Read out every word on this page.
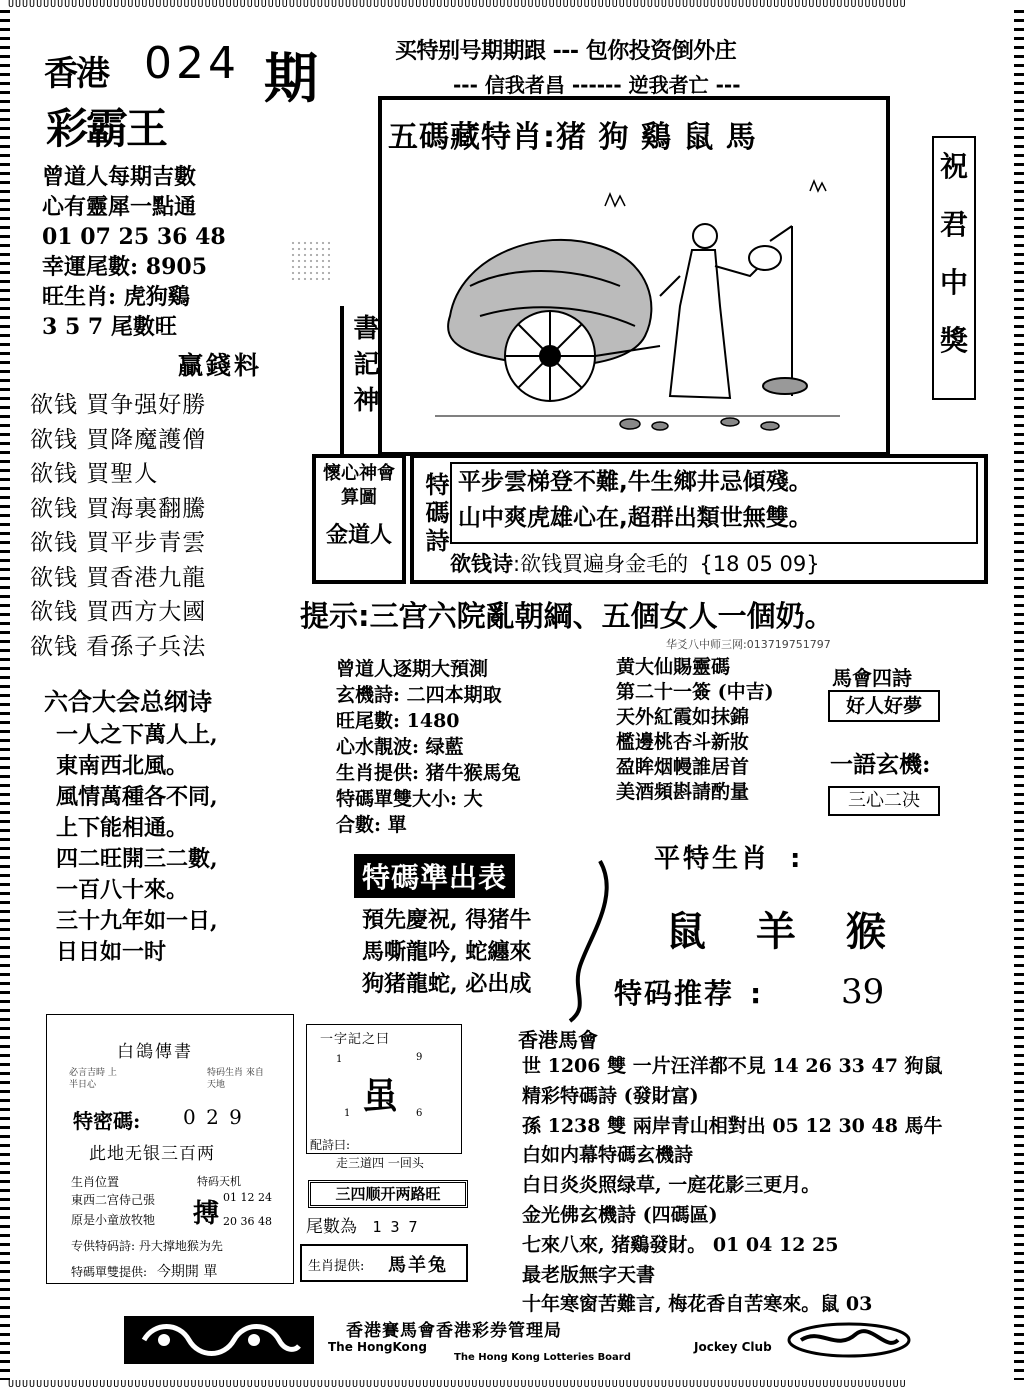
UUUUUUUUUUUUUUUUUUUUUUUUUUUUUUUUUUUUUUUUUUUUUUUUUUUUUUUUUUUUUUUUUUUUUUUUUUUUUUUUUUUUUUUUUUUUUUUUUUUUUUUUUUUUUUUUUUUUUUUUUUUUUUUU
UUUUUUUUUUUUUUUUUUUUUUUUUUUUUUUUUUUUUUUUUUUUUUUUUUUUUUUUUUUUUUUUUUUUUUUUUUUUUUUUUUUUUUUUUUUUUUUUUUUUUUUUUUUUUUUUUUUUUUUUUUUUUUUU
香港 024 期
彩霸王
买特别号期期跟 --- 包你投资倒外庄
--- 信我者昌 ------ 逆我者亡 ---
曾道人每期吉數
心有靈犀一點通
01 07 25 36 48
幸運尾數: 8905
旺生肖: 虎狗鷄
3 5 7 尾數旺
贏錢料
欲钱 買争强好勝
欲钱 買降魔護僧
欲钱 買聖人
欲钱 買海裏翻騰
欲钱 買平步青雲
欲钱 買香港九龍
欲钱 買西方大國
欲钱 看孫子兵法
六合大会总纲诗
一人之下萬人上,
東南西北風。
風情萬種各不同,
上下能相通。
四二旺開三二數,
一百八十來。
三十九年如一日,
日日如一时
五碼藏特肖:猪 狗 鷄 鼠 馬
書記神
祝
君
中
獎
懷心神會算圖
金道人	特碼詩 平步雲梯登不難,牛生鄉井忌傾殘。
山中爽虎雄心在,超群出類世無雙。
欲钱诗:欲钱買遍身金毛的 {18 05 09}
提示:三宫六院亂朝綱、五個女人一個奶。
曾道人逐期大預測
玄機詩: 二四本期取
旺尾數: 1480
心水靚波: 绿藍
生肖提供: 猪牛猴馬兔
特碼單雙大小: 大
合數: 單
华爻八中师三网:013719751797
黄大仙賜靈碼
第二十一簽 (中吉)
天外紅霞如抹錦
檻邊桃杏斗新妝
盈眸烟幔誰居首
美酒頻斟請酌量
馬會四詩
好人好夢
一語玄機:
三心二决
特碼準出表
預先慶祝, 得猪牛
馬嘶龍吟, 蛇纏來
狗猪龍蛇, 必出成
平特生肖 :
鼠 羊 猴
特码推荐 : 39
白鴿傳書
必言吉時 上半日心
特码生肖 來自天地
特密碼: 0 2 9
此地无银三百两
生肖位置
東西二宫侍己張
原是小童放牧牠
特码天机
搏
01 12 24
20 36 48
专供特码詩: 丹大撑地猴为先
特碼單雙提供: 今期開 單
一字記之曰
1	9
虽
1	6
配詩曰:
走三道四 一回头
三四顺开两路旺
尾數為 1 3 7
生肖提供: 馬羊兔
香港馬會
世 1206 雙 一片汪洋都不見 14 26 33 47 狗鼠
精彩特碼詩 (發財富)
孫 1238 雙 兩岸青山相對出 05 12 30 48 馬牛
白如内幕特碼玄機詩
白日炎炎照绿草, 一庭花影三更月。
金光佛玄機詩 (四碼區)
七來八來, 猪鷄發財。 01 04 12 25
最老版無字天書
十年寒窗苦難言, 梅花香自苦寒來。鼠 03
香港賽馬會香港彩券管理局
The HongKong	Jockey Club
The Hong Kong Lotteries Board
